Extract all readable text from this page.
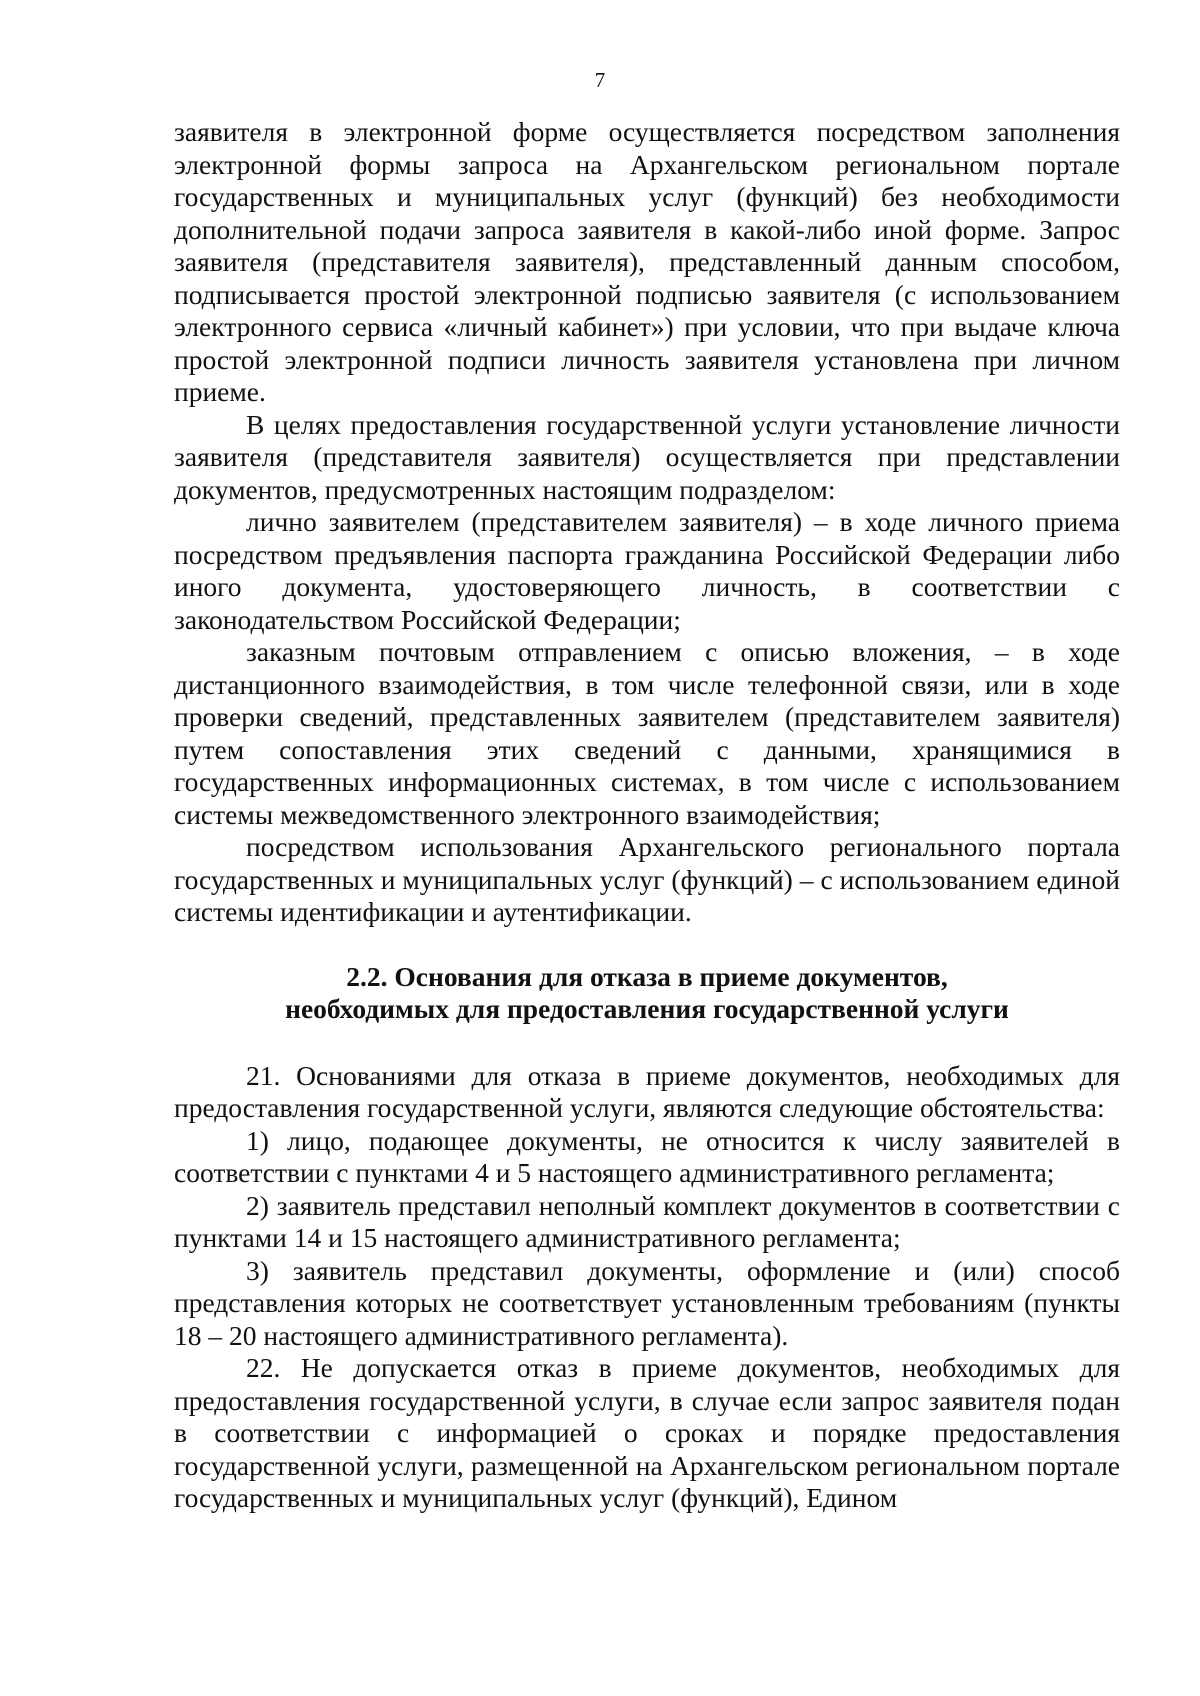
7

заявителя в электронной форме осуществляется посредством заполнения электронной формы запроса на Архангельском региональном портале государственных и муниципальных услуг (функций) без необходимости дополнительной подачи запроса заявителя в какой-либо иной форме. Запрос заявителя (представителя заявителя), представленный данным способом, подписывается простой электронной подписью заявителя (с использованием электронного сервиса «личный кабинет») при условии, что при выдаче ключа простой электронной подписи личность заявителя установлена при личном приеме.

В целях предоставления государственной услуги установление личности заявителя (представителя заявителя) осуществляется при представлении документов, предусмотренных настоящим подразделом:

лично заявителем (представителем заявителя) – в ходе личного приема посредством предъявления паспорта гражданина Российской Федерации либо иного документа, удостоверяющего личность, в соответствии с законодательством Российской Федерации;

заказным почтовым отправлением с описью вложения, – в ходе дистанционного взаимодействия, в том числе телефонной связи, или в ходе проверки сведений, представленных заявителем (представителем заявителя) путем сопоставления этих сведений с данными, хранящимися в государственных информационных системах, в том числе с использованием системы межведомственного электронного взаимодействия;

посредством использования Архангельского регионального портала государственных и муниципальных услуг (функций) – с использованием единой системы идентификации и аутентификации.

2.2. Основания для отказа в приеме документов,
необходимых для предоставления государственной услуги

21. Основаниями для отказа в приеме документов, необходимых для предоставления государственной услуги, являются следующие обстоятельства:

1) лицо, подающее документы, не относится к числу заявителей в соответствии с пунктами 4 и 5 настоящего административного регламента;

2) заявитель представил неполный комплект документов в соответствии с пунктами 14 и 15 настоящего административного регламента;

3) заявитель представил документы, оформление и (или) способ представления которых не соответствует установленным требованиям (пункты 18 – 20 настоящего административного регламента).

22. Не допускается отказ в приеме документов, необходимых для предоставления государственной услуги, в случае если запрос заявителя подан в соответствии с информацией о сроках и порядке предоставления государственной услуги, размещенной на Архангельском региональном портале государственных и муниципальных услуг (функций), Едином
